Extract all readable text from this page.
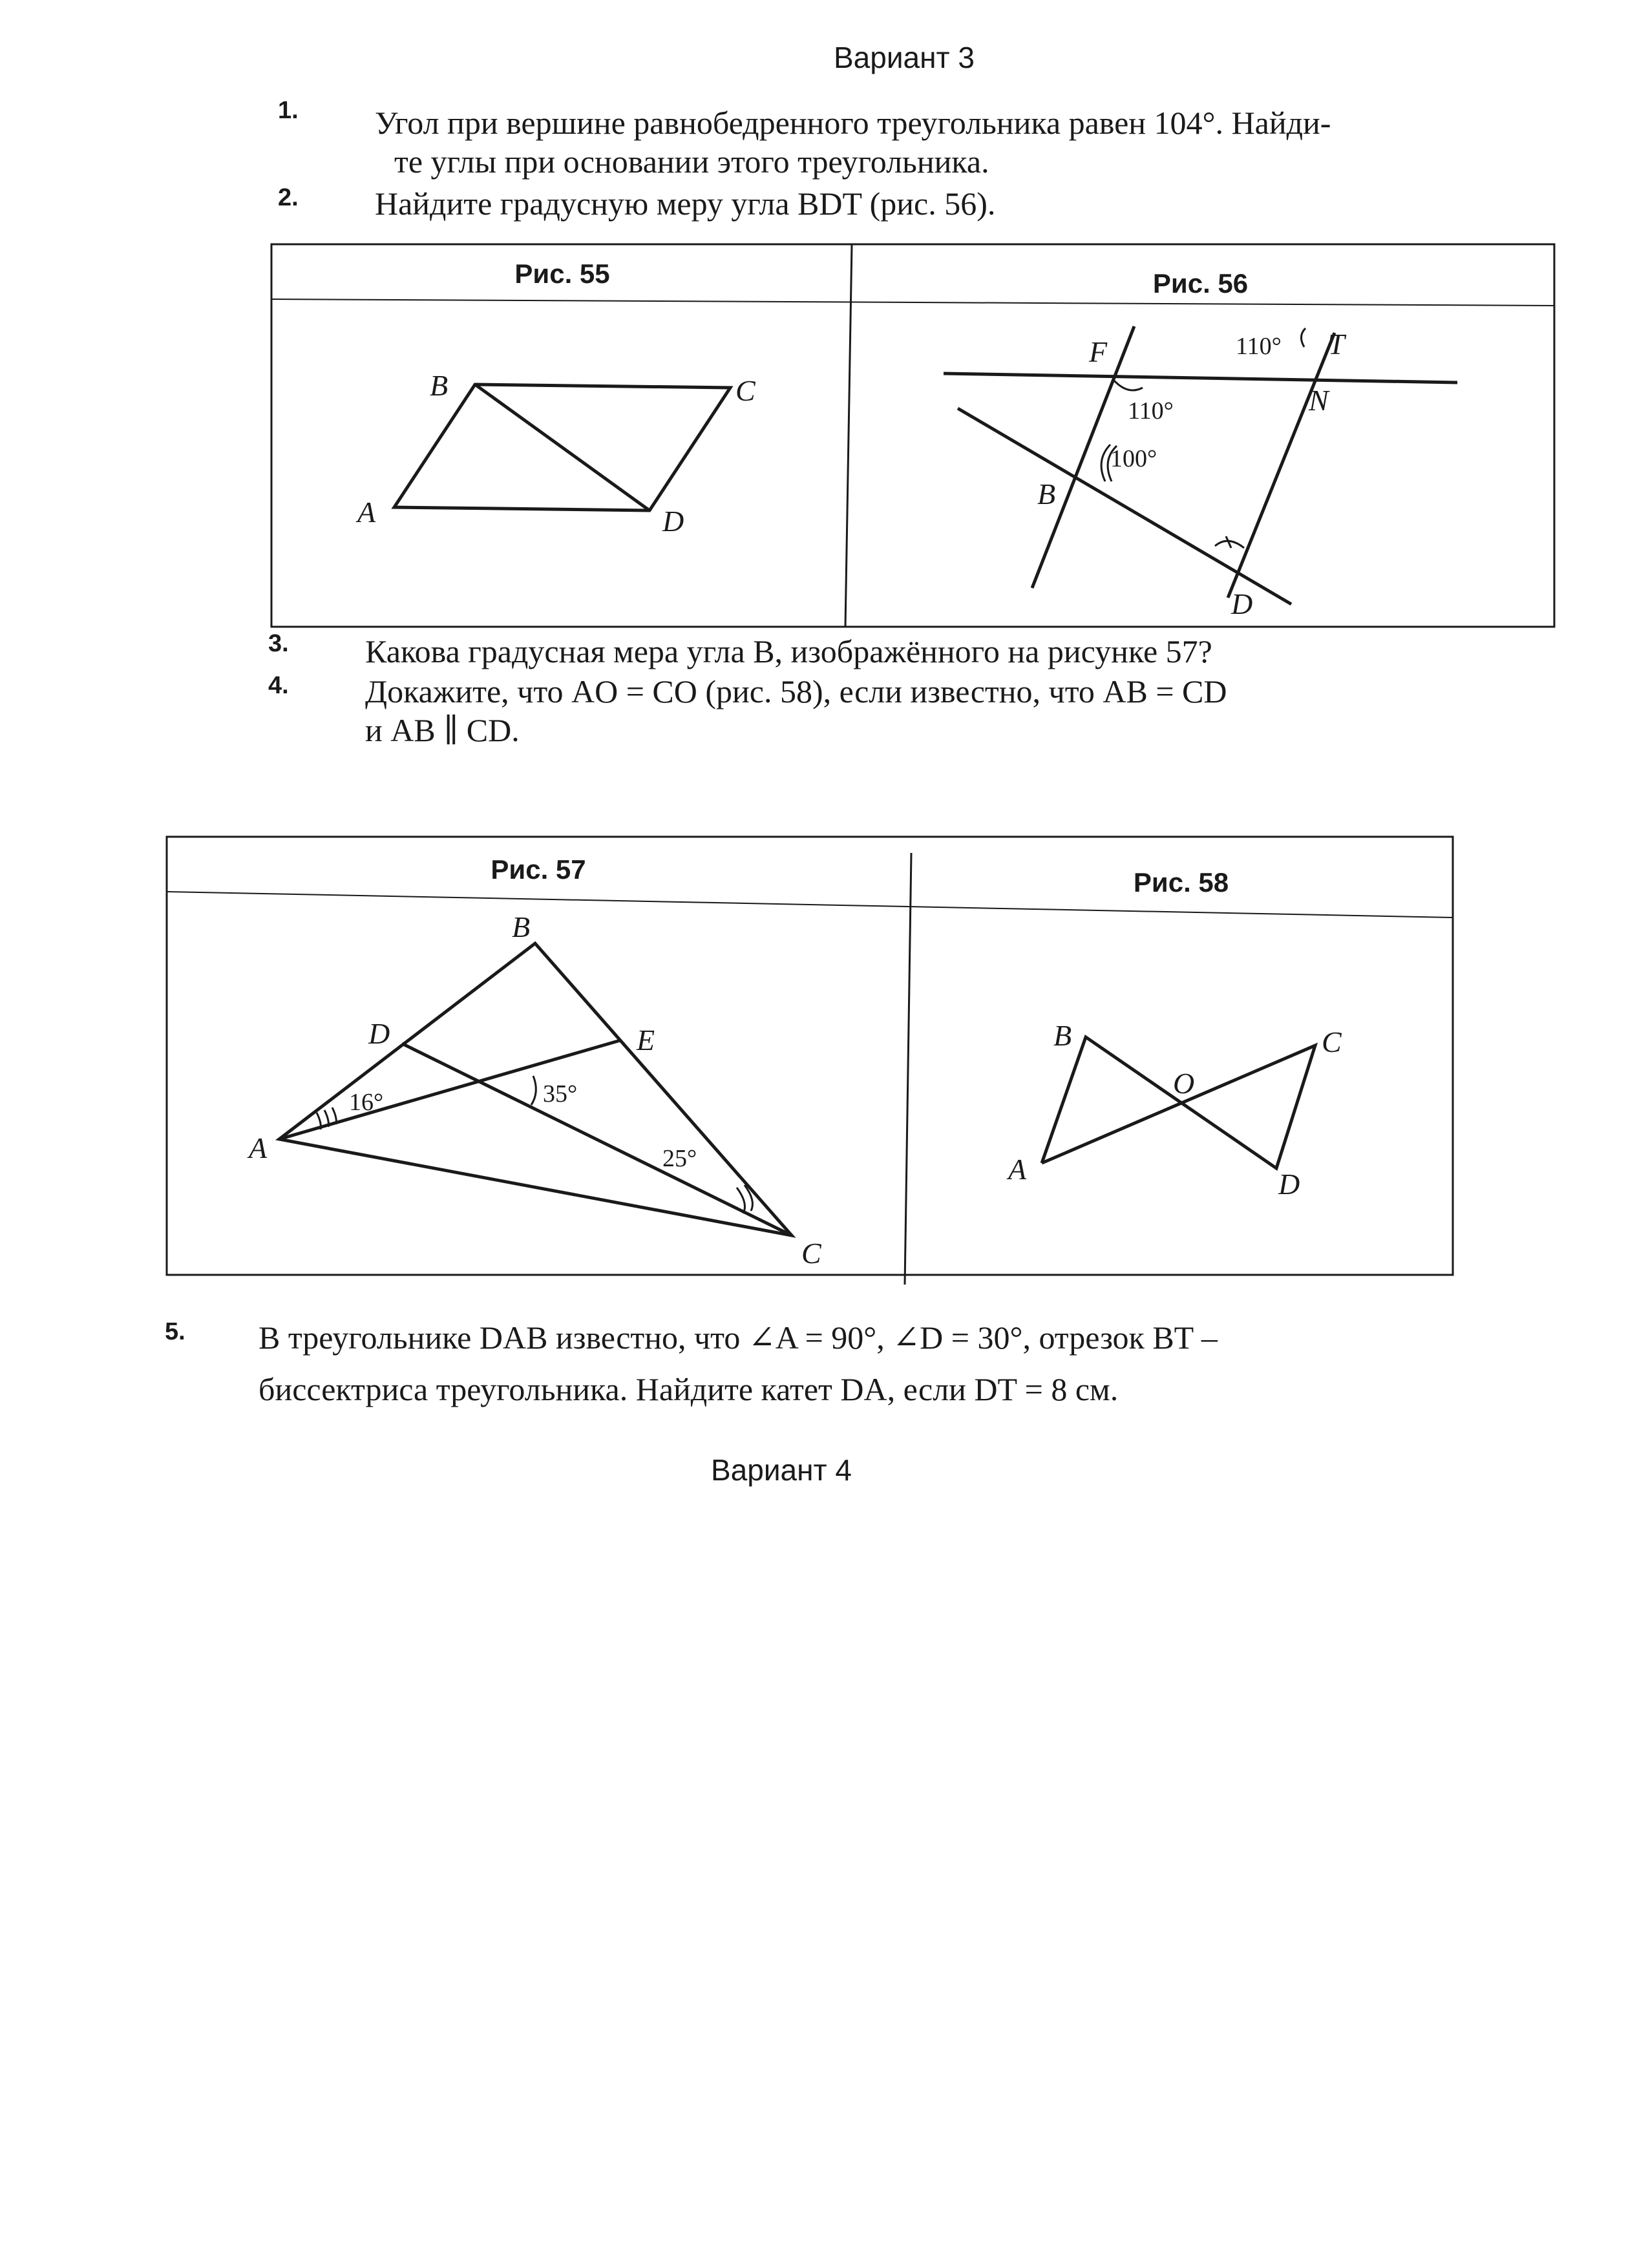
Вариант 3
1. Угол при вершине равнобедренного треугольника равен 104°. Найди-
те углы при основании этого треугольника.
2. Найдите градусную меру угла BDT (рис. 56).
B	C
A	D
F	T
N
B
D
110°
110°
100°
B
D	E
A
C
16°	35°
25°
B	C
O
A	D
Рис. 55	Рис. 56
3. Какова градусная мера угла B, изображённого на рисунке 57?
4. Докажите, что AO = CO (рис. 58), если известно, что AB = CD
и AB ∥ CD.
Рис. 57	Рис. 58
5. В треугольнике DAB известно, что ∠A = 90°, ∠D = 30°, отрезок BT –
биссектриса треугольника. Найдите катет DA, если DT = 8 см.
Вариант 4
